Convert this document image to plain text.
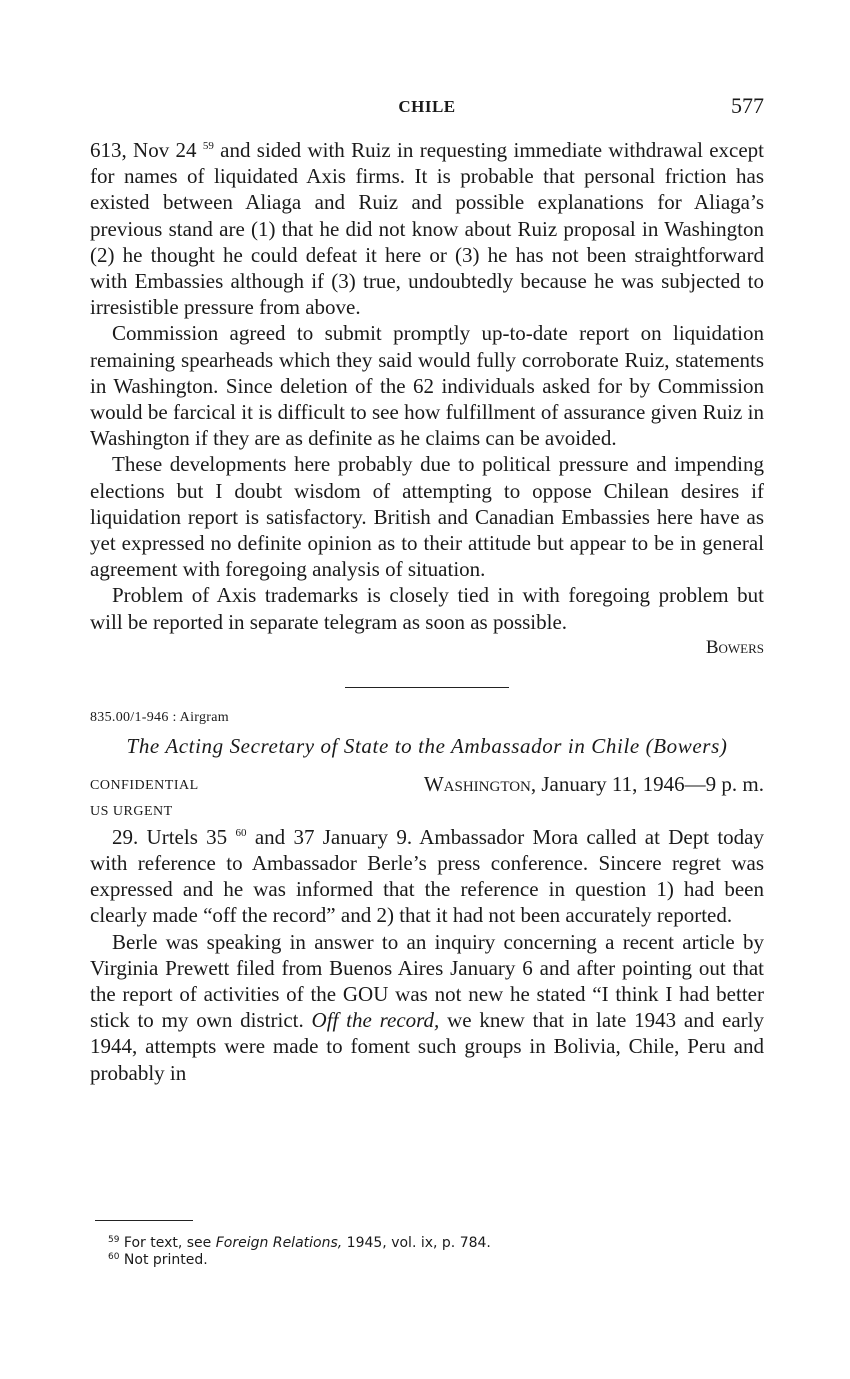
CHILE	577

613, Nov 24 $^{59}$ and sided with Ruiz in requesting immediate withdrawal except for names of liquidated Axis firms. It is probable that personal friction has existed between Aliaga and Ruiz and possible explanations for Aliaga’s previous stand are (1) that he did not know about Ruiz proposal in Washington (2) he thought he could defeat it here or (3) he has not been straightforward with Embassies although if (3) true, undoubtedly because he was subjected to irresistible pressure from above.

Commission agreed to submit promptly up-to-date report on liquidation remaining spearheads which they said would fully corroborate Ruiz, statements in Washington. Since deletion of the 62 individuals asked for by Commission would be farcical it is difficult to see how fulfillment of assurance given Ruiz in Washington if they are as definite as he claims can be avoided.

These developments here probably due to political pressure and impending elections but I doubt wisdom of attempting to oppose Chilean desires if liquidation report is satisfactory. British and Canadian Embassies here have as yet expressed no definite opinion as to their attitude but appear to be in general agreement with foregoing analysis of situation.

Problem of Axis trademarks is closely tied in with foregoing problem but will be reported in separate telegram as soon as possible.

Bowers
835.00/1-946 : Airgram
The Acting Secretary of State to the Ambassador in Chile (Bowers)
CONFIDENTIAL	Washington, January 11, 1946—9 p. m.
US URGENT

29. Urtels 35 $^{60}$ and 37 January 9. Ambassador Mora called at Dept today with reference to Ambassador Berle’s press conference. Sincere regret was expressed and he was informed that the reference in question 1) had been clearly made “off the record” and 2) that it had not been accurately reported.

Berle was speaking in answer to an inquiry concerning a recent article by Virginia Prewett filed from Buenos Aires January 6 and after pointing out that the report of activities of the GOU was not new he stated “I think I had better stick to my own district. Off the record, we knew that in late 1943 and early 1944, attempts were made to foment such groups in Bolivia, Chile, Peru and probably in

$^{59}$ For text, see Foreign Relations, 1945, vol. ix, p. 784.
$^{60}$ Not printed.
